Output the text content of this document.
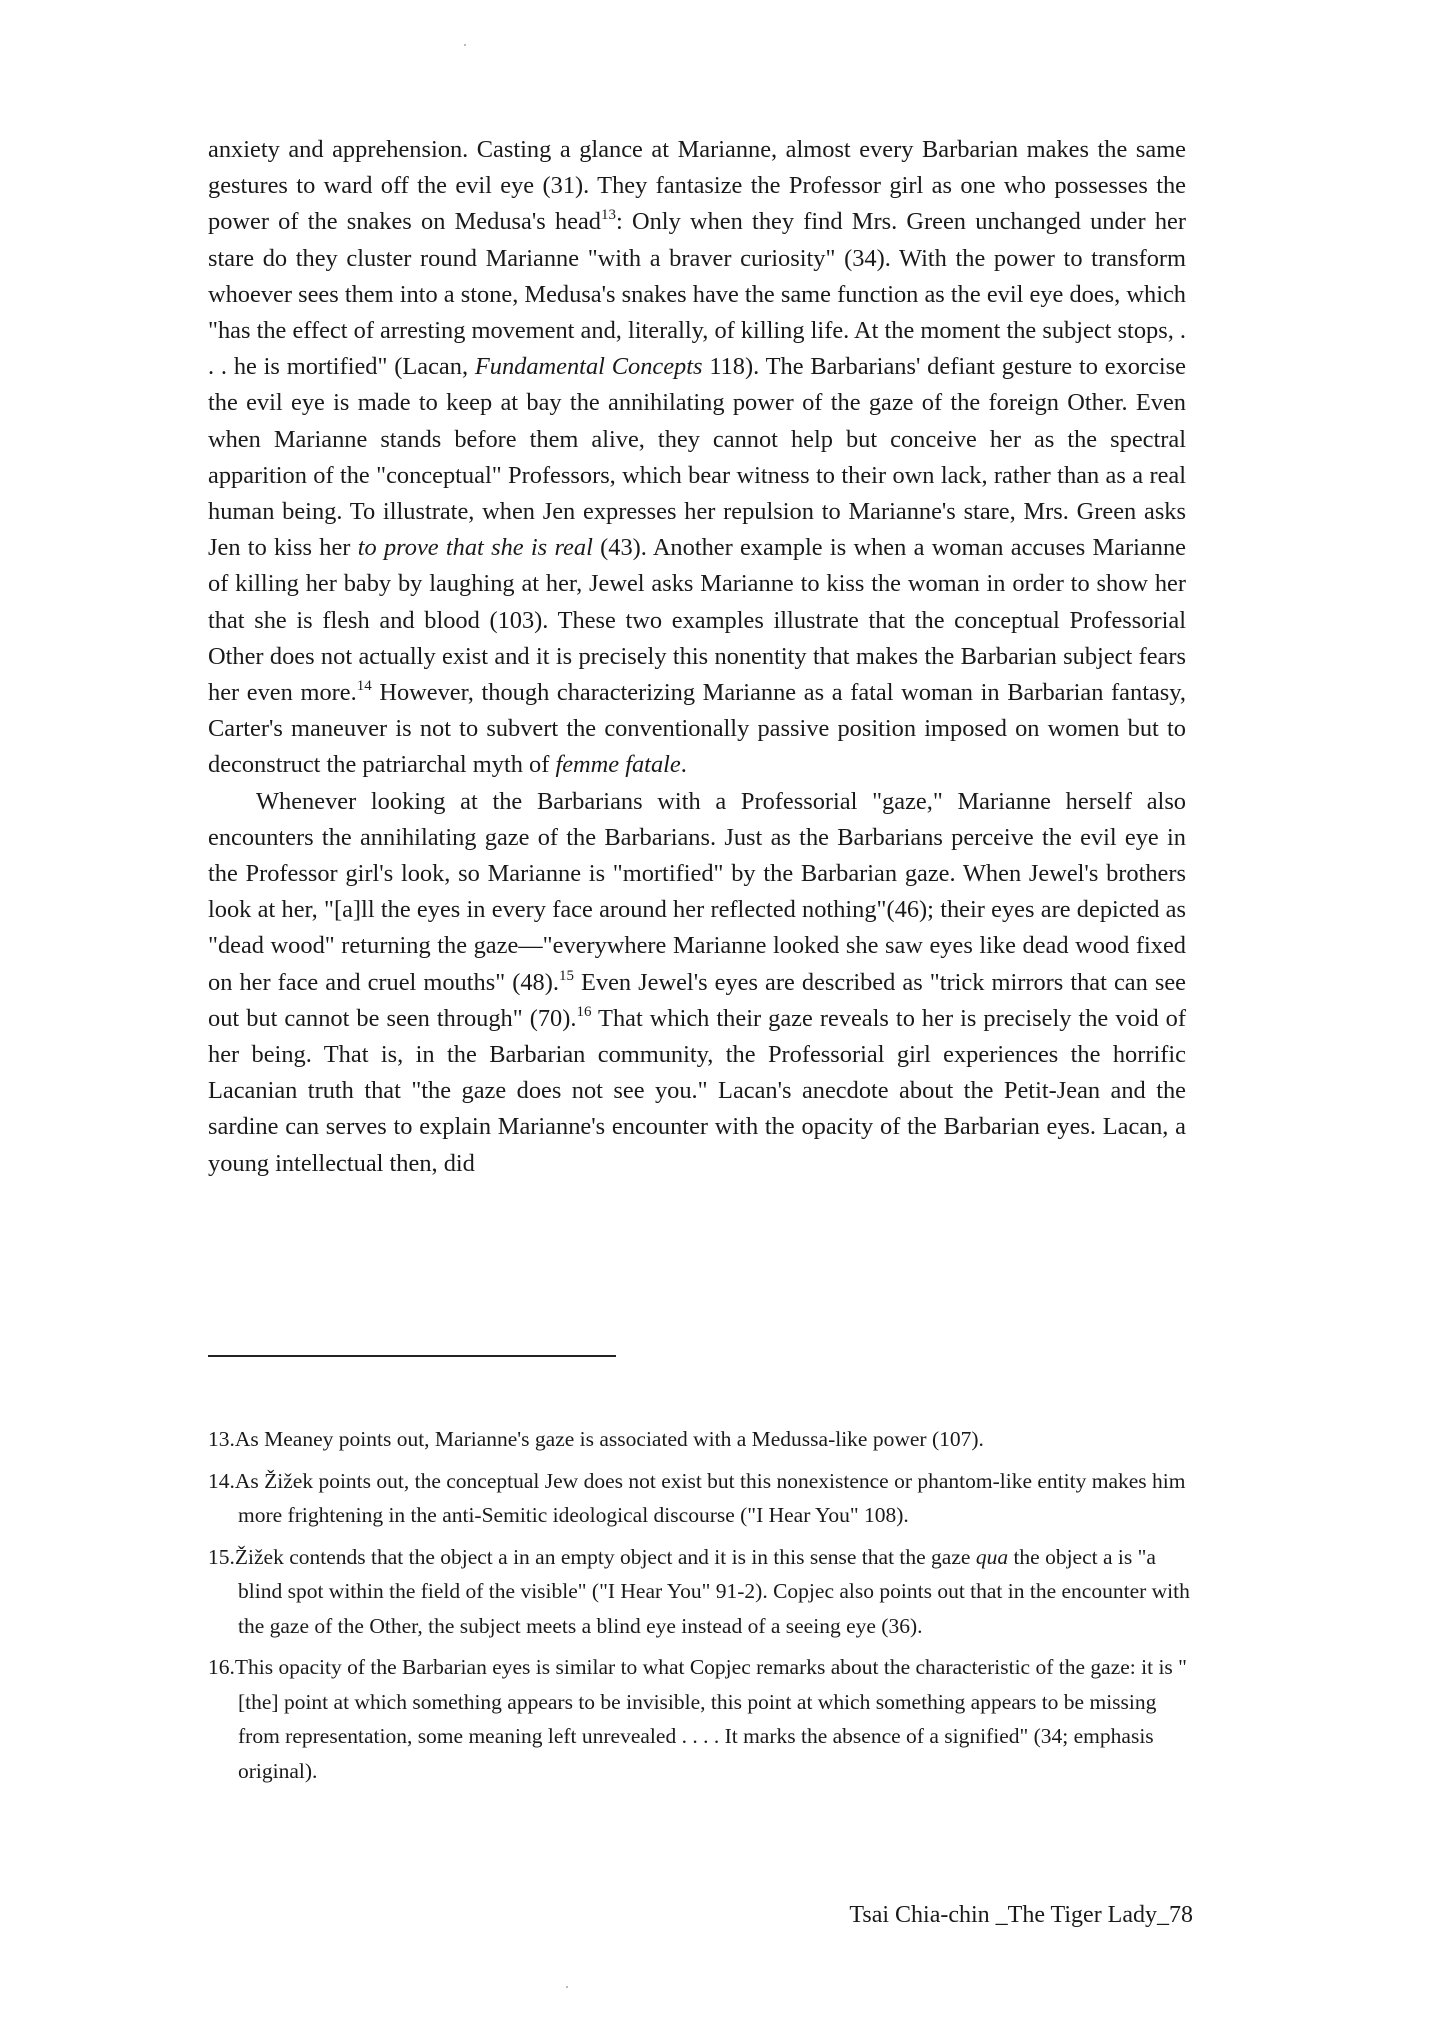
anxiety and apprehension. Casting a glance at Marianne, almost every Barbarian makes the same gestures to ward off the evil eye (31). They fantasize the Professor girl as one who possesses the power of the snakes on Medusa's head$^{13}$: Only when they find Mrs. Green unchanged under her stare do they cluster round Marianne "with a braver curiosity" (34). With the power to transform whoever sees them into a stone, Medusa's snakes have the same function as the evil eye does, which "has the effect of arresting movement and, literally, of killing life. At the moment the subject stops, . . . he is mortified" (Lacan, Fundamental Concepts 118). The Barbarians' defiant gesture to exorcise the evil eye is made to keep at bay the annihilating power of the gaze of the foreign Other. Even when Marianne stands before them alive, they cannot help but conceive her as the spectral apparition of the "conceptual" Professors, which bear witness to their own lack, rather than as a real human being. To illustrate, when Jen expresses her repulsion to Marianne's stare, Mrs. Green asks Jen to kiss her to prove that she is real (43). Another example is when a woman accuses Marianne of killing her baby by laughing at her, Jewel asks Marianne to kiss the woman in order to show her that she is flesh and blood (103). These two examples illustrate that the conceptual Professorial Other does not actually exist and it is precisely this nonentity that makes the Barbarian subject fears her even more.$^{14}$ However, though characterizing Marianne as a fatal woman in Barbarian fantasy, Carter's maneuver is not to subvert the conventionally passive position imposed on women but to deconstruct the patriarchal myth of femme fatale.

Whenever looking at the Barbarians with a Professorial "gaze," Marianne herself also encounters the annihilating gaze of the Barbarians. Just as the Barbarians perceive the evil eye in the Professor girl's look, so Marianne is "mortified" by the Barbarian gaze. When Jewel's brothers look at her, "[a]ll the eyes in every face around her reflected nothing"(46); their eyes are depicted as "dead wood" returning the gaze—"everywhere Marianne looked she saw eyes like dead wood fixed on her face and cruel mouths" (48).$^{15}$ Even Jewel's eyes are described as "trick mirrors that can see out but cannot be seen through" (70).$^{16}$ That which their gaze reveals to her is precisely the void of her being. That is, in the Barbarian community, the Professorial girl experiences the horrific Lacanian truth that "the gaze does not see you." Lacan's anecdote about the Petit-Jean and the sardine can serves to explain Marianne's encounter with the opacity of the Barbarian eyes. Lacan, a young intellectual then, did

13.As Meaney points out, Marianne's gaze is associated with a Medussa-like power (107).

14.As Žižek points out, the conceptual Jew does not exist but this nonexistence or phantom-like entity makes him more frightening in the anti-Semitic ideological discourse ("I Hear You" 108).

15.Žižek contends that the object a in an empty object and it is in this sense that the gaze qua the object a is "a blind spot within the field of the visible" ("I Hear You" 91-2). Copjec also points out that in the encounter with the gaze of the Other, the subject meets a blind eye instead of a seeing eye (36).

16.This opacity of the Barbarian eyes is similar to what Copjec remarks about the characteristic of the gaze: it is "[the] point at which something appears to be invisible, this point at which something appears to be missing from representation, some meaning left unrevealed . . . . It marks the absence of a signified" (34; emphasis original).

Tsai Chia-chin _The Tiger Lady_78
